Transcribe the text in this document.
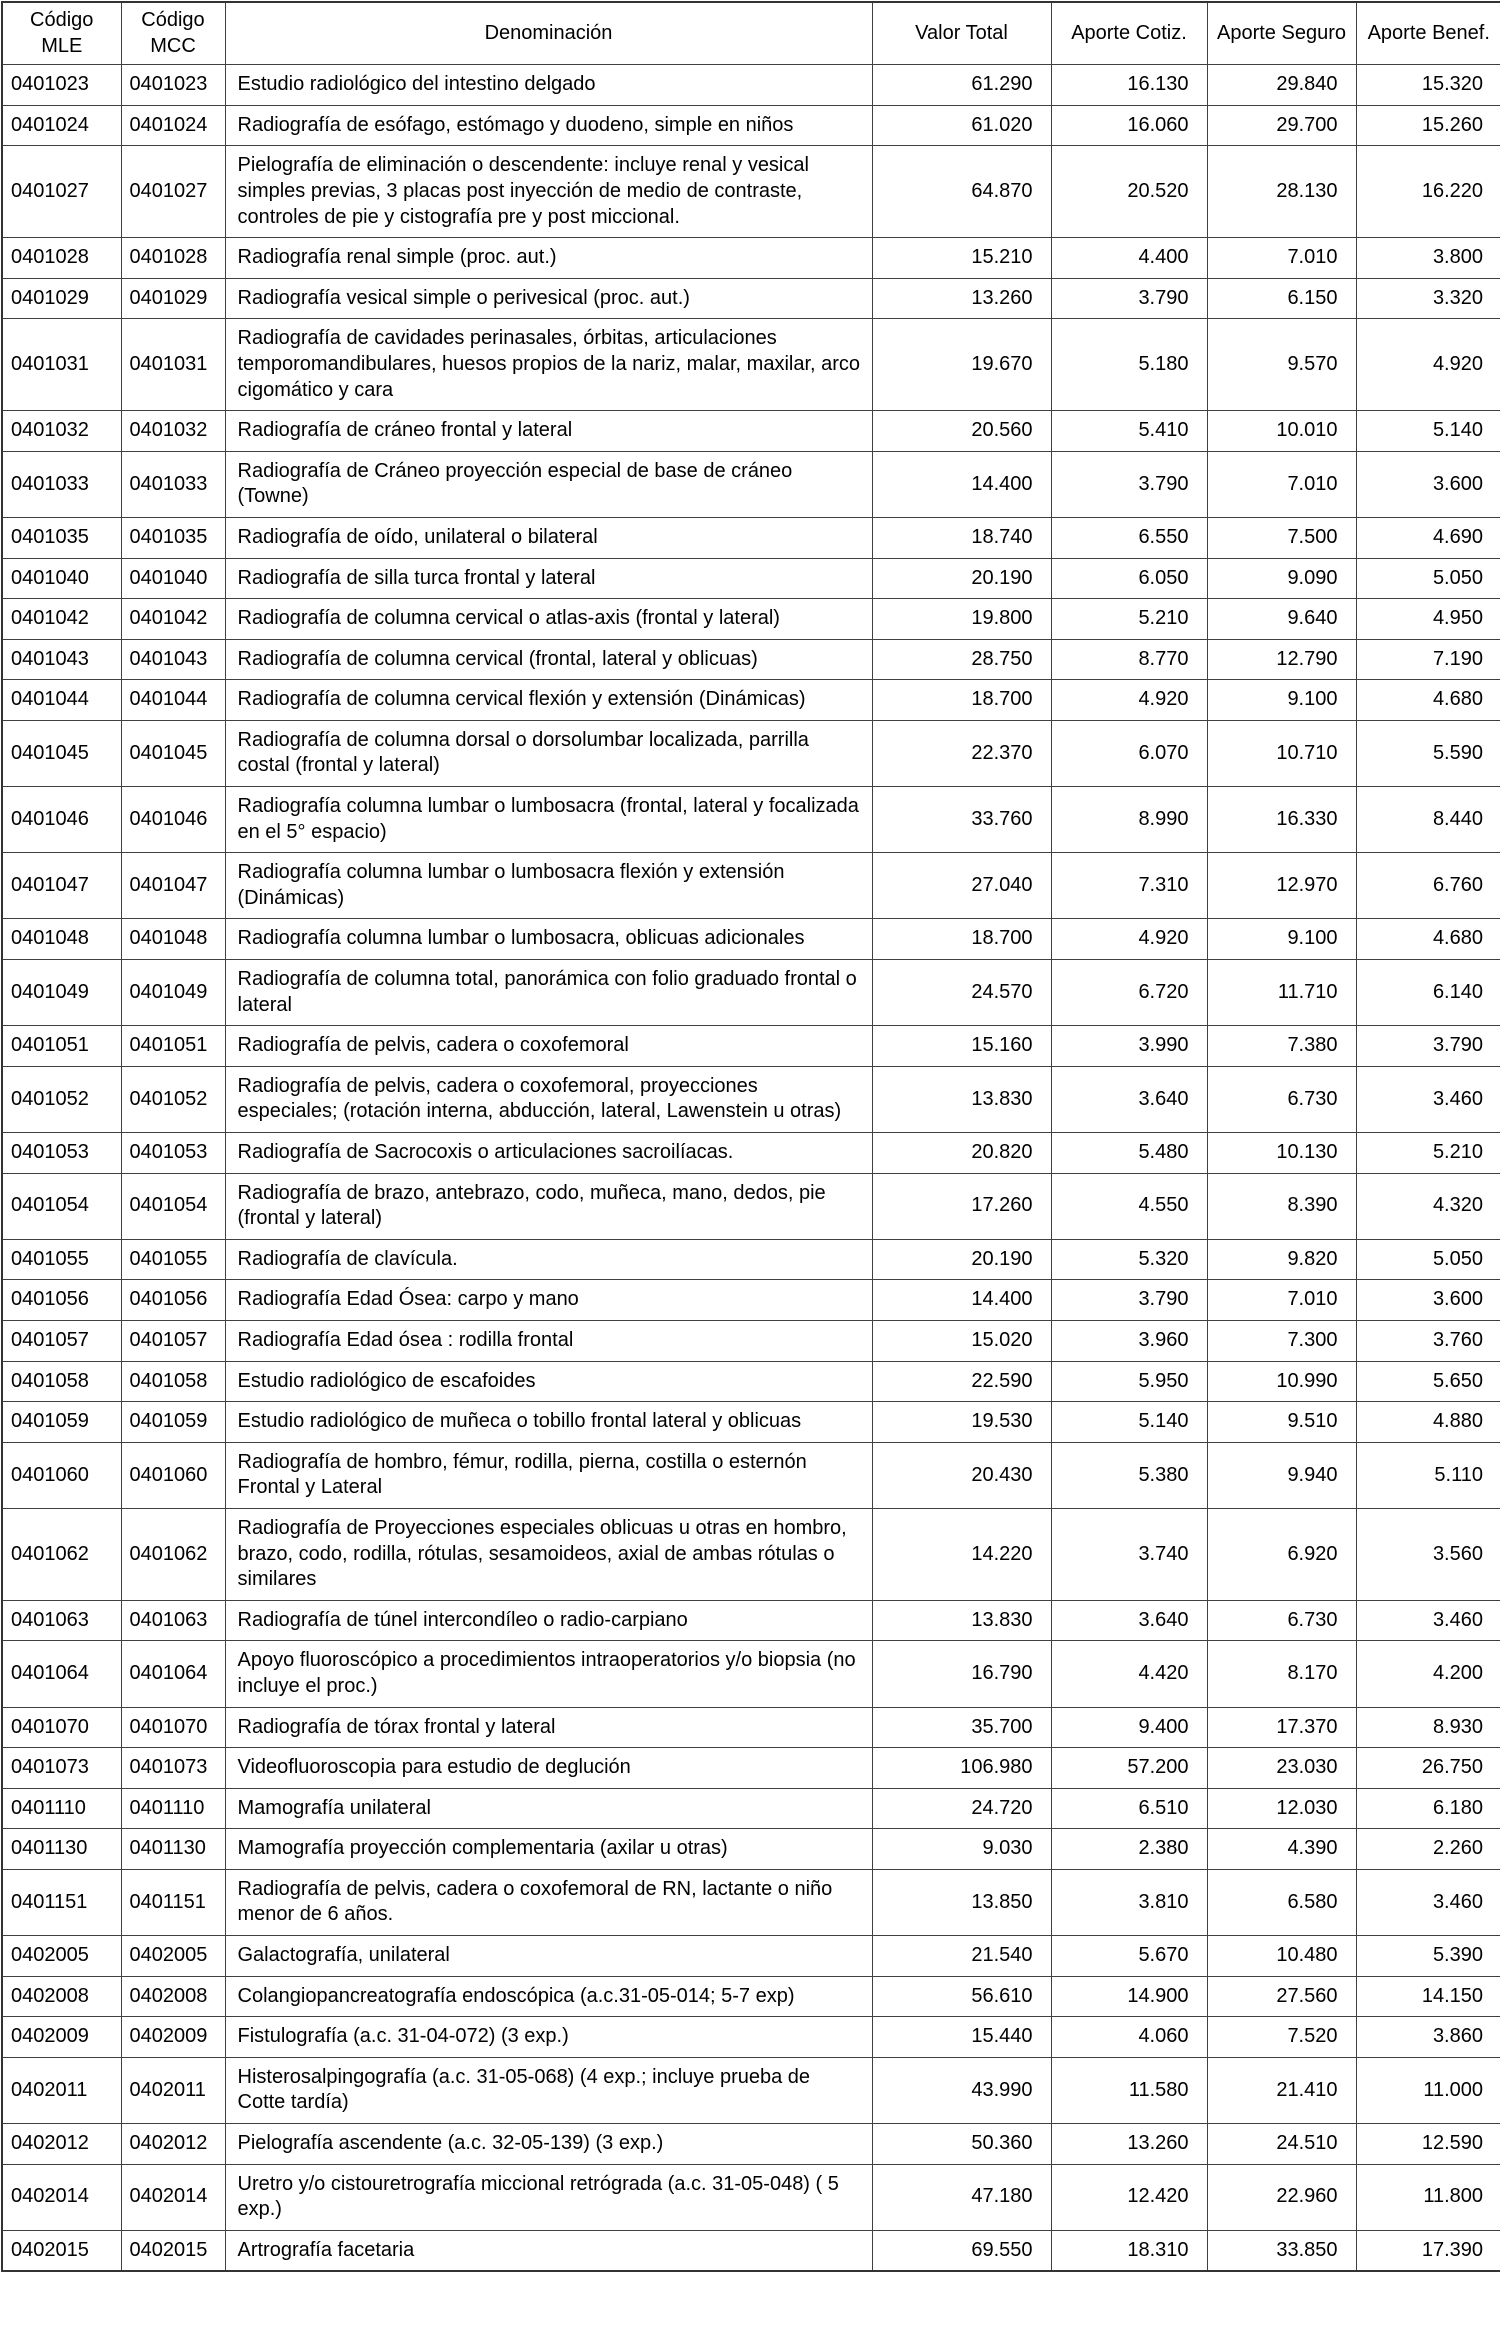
Código MLE	Código MCC	Denominación	Valor Total	Aporte Cotiz.	Aporte Seguro	Aporte Benef.
0401023	0401023	Estudio radiológico del intestino delgado	61.290	16.130	29.840	15.320
0401024	0401024	Radiografía de esófago, estómago y duodeno, simple en niños	61.020	16.060	29.700	15.260
0401027	0401027	Pielografía de eliminación o descendente: incluye renal y vesical simples previas, 3 placas post inyección de medio de contraste, controles de pie y cistografía pre y post miccional.	64.870	20.520	28.130	16.220
0401028	0401028	Radiografía renal simple (proc. aut.)	15.210	4.400	7.010	3.800
0401029	0401029	Radiografía vesical simple o perivesical (proc. aut.)	13.260	3.790	6.150	3.320
0401031	0401031	Radiografía de cavidades perinasales, órbitas, articulaciones temporomandibulares, huesos propios de la nariz, malar, maxilar, arco cigomático y cara	19.670	5.180	9.570	4.920
0401032	0401032	Radiografía de cráneo frontal y lateral	20.560	5.410	10.010	5.140
0401033	0401033	Radiografía de Cráneo proyección especial de base de cráneo (Towne)	14.400	3.790	7.010	3.600
0401035	0401035	Radiografía de oído, unilateral o bilateral	18.740	6.550	7.500	4.690
0401040	0401040	Radiografía de silla turca frontal y lateral	20.190	6.050	9.090	5.050
0401042	0401042	Radiografía de columna cervical o atlas-axis (frontal y lateral)	19.800	5.210	9.640	4.950
0401043	0401043	Radiografía de columna cervical (frontal, lateral y oblicuas)	28.750	8.770	12.790	7.190
0401044	0401044	Radiografía de columna cervical flexión y extensión (Dinámicas)	18.700	4.920	9.100	4.680
0401045	0401045	Radiografía de columna dorsal o dorsolumbar localizada, parrilla costal (frontal y lateral)	22.370	6.070	10.710	5.590
0401046	0401046	Radiografía columna lumbar o lumbosacra (frontal, lateral y focalizada en el 5° espacio)	33.760	8.990	16.330	8.440
0401047	0401047	Radiografía columna lumbar o lumbosacra flexión y extensión (Dinámicas)	27.040	7.310	12.970	6.760
0401048	0401048	Radiografía columna lumbar o lumbosacra, oblicuas adicionales	18.700	4.920	9.100	4.680
0401049	0401049	Radiografía de columna total, panorámica con folio graduado frontal o lateral	24.570	6.720	11.710	6.140
0401051	0401051	Radiografía de pelvis, cadera o coxofemoral	15.160	3.990	7.380	3.790
0401052	0401052	Radiografía de pelvis, cadera o coxofemoral, proyecciones especiales; (rotación interna, abducción, lateral, Lawenstein u otras)	13.830	3.640	6.730	3.460
0401053	0401053	Radiografía de Sacrocoxis o articulaciones sacroilíacas.	20.820	5.480	10.130	5.210
0401054	0401054	Radiografía de brazo, antebrazo, codo, muñeca, mano, dedos, pie (frontal y lateral)	17.260	4.550	8.390	4.320
0401055	0401055	Radiografía de clavícula.	20.190	5.320	9.820	5.050
0401056	0401056	Radiografía Edad Ósea: carpo y mano	14.400	3.790	7.010	3.600
0401057	0401057	Radiografía Edad ósea : rodilla frontal	15.020	3.960	7.300	3.760
0401058	0401058	Estudio radiológico de escafoides	22.590	5.950	10.990	5.650
0401059	0401059	Estudio radiológico de muñeca o tobillo frontal lateral y oblicuas	19.530	5.140	9.510	4.880
0401060	0401060	Radiografía de hombro, fémur, rodilla, pierna, costilla o esternón Frontal y Lateral	20.430	5.380	9.940	5.110
0401062	0401062	Radiografía de Proyecciones especiales oblicuas u otras en hombro, brazo, codo, rodilla, rótulas, sesamoideos, axial de ambas rótulas o similares	14.220	3.740	6.920	3.560
0401063	0401063	Radiografía de túnel intercondíleo o radio-carpiano	13.830	3.640	6.730	3.460
0401064	0401064	Apoyo fluoroscópico a procedimientos intraoperatorios y/o biopsia (no incluye el proc.)	16.790	4.420	8.170	4.200
0401070	0401070	Radiografía de tórax frontal y lateral	35.700	9.400	17.370	8.930
0401073	0401073	Videofluoroscopia para estudio de deglución	106.980	57.200	23.030	26.750
0401110	0401110	Mamografía unilateral	24.720	6.510	12.030	6.180
0401130	0401130	Mamografía proyección complementaria (axilar u otras)	9.030	2.380	4.390	2.260
0401151	0401151	Radiografía de pelvis, cadera o coxofemoral de RN, lactante o niño menor de 6 años.	13.850	3.810	6.580	3.460
0402005	0402005	Galactografía, unilateral	21.540	5.670	10.480	5.390
0402008	0402008	Colangiopancreatografía endoscópica (a.c.31-05-014; 5-7 exp)	56.610	14.900	27.560	14.150
0402009	0402009	Fistulografía (a.c. 31-04-072) (3 exp.)	15.440	4.060	7.520	3.860
0402011	0402011	Histerosalpingografía (a.c. 31-05-068) (4 exp.; incluye prueba de Cotte tardía)	43.990	11.580	21.410	11.000
0402012	0402012	Pielografía ascendente (a.c. 32-05-139) (3 exp.)	50.360	13.260	24.510	12.590
0402014	0402014	Uretro y/o cistouretrografía miccional retrógrada (a.c. 31-05-048) ( 5 exp.)	47.180	12.420	22.960	11.800
0402015	0402015	Artrografía facetaria	69.550	18.310	33.850	17.390
